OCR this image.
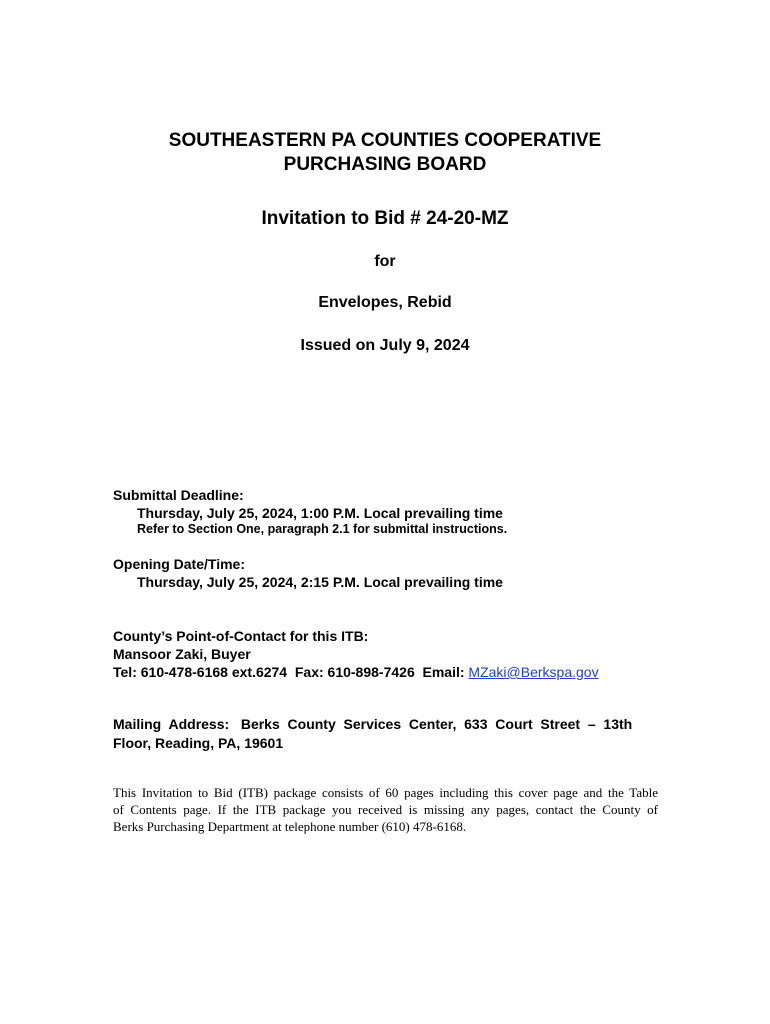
SOUTHEASTERN PA COUNTIES COOPERATIVE
PURCHASING BOARD
Invitation to Bid # 24-20-MZ
for
Envelopes, Rebid
Issued on July 9, 2024
Submittal Deadline:
Thursday, July 25, 2024, 1:00 P.M. Local prevailing time
Refer to Section One, paragraph 2.1 for submittal instructions.
Opening Date/Time:
Thursday, July 25, 2024, 2:15 P.M. Local prevailing time
County’s Point-of-Contact for this ITB:
Mansoor Zaki, Buyer
Tel: 610-478-6168 ext.6274  Fax: 610-898-7426  Email: MZaki@Berkspa.gov
Mailing  Address:   Berks  County  Services  Center,  633  Court  Street  –  13th
Floor, Reading, PA, 19601
This Invitation to Bid (ITB) package consists of 60 pages including this cover page and the Table
of Contents page. If the ITB package you received is missing any pages, contact the County of
Berks Purchasing Department at telephone number (610) 478-6168.
